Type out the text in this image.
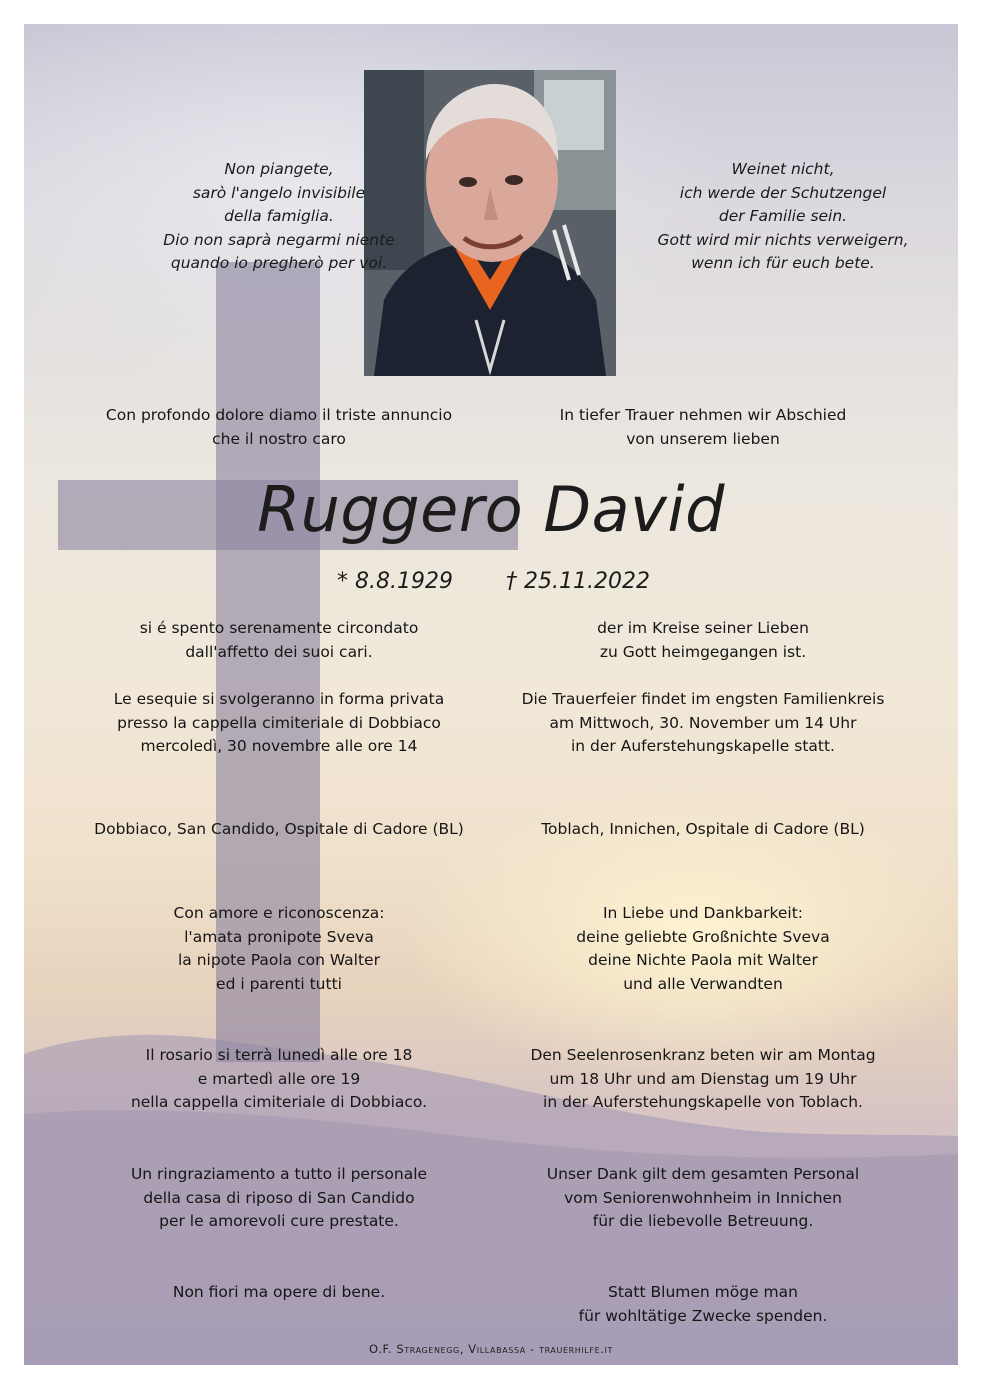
Non piangete,
sarò l'angelo invisibile
della famiglia.
Dio non saprà negarmi niente
quando io pregherò per voi.
Weinet nicht,
ich werde der Schutzengel
der Familie sein.
Gott wird mir nichts verweigern,
wenn ich für euch bete.
Con profondo dolore diamo il triste annuncio
che il nostro caro
In tiefer Trauer nehmen wir Abschied
von unserem lieben
Ruggero David
* 8.8.1929 † 25.11.2022
si é spento serenamente circondato
dall'affetto dei suoi cari.
Le esequie si svolgeranno in forma privata
presso la cappella cimiteriale di Dobbiaco
mercoledì, 30 novembre alle ore 14
Dobbiaco, San Candido, Ospitale di Cadore (BL)
Con amore e riconoscenza:
l'amata pronipote Sveva
la nipote Paola con Walter
ed i parenti tutti
Il rosario si terrà lunedì alle ore 18
e martedì alle ore 19
nella cappella cimiteriale di Dobbiaco.
Un ringraziamento a tutto il personale
della casa di riposo di San Candido
per le amorevoli cure prestate.
Non fiori ma opere di bene.
der im Kreise seiner Lieben
zu Gott heimgegangen ist.
Die Trauerfeier findet im engsten Familienkreis
am Mittwoch, 30. November um 14 Uhr
in der Auferstehungskapelle statt.
Toblach, Innichen, Ospitale di Cadore (BL)
In Liebe und Dankbarkeit:
deine geliebte Großnichte Sveva
deine Nichte Paola mit Walter
und alle Verwandten
Den Seelenrosenkranz beten wir am Montag
um 18 Uhr und am Dienstag um 19 Uhr
in der Auferstehungskapelle von Toblach.
Unser Dank gilt dem gesamten Personal
vom Seniorenwohnheim in Innichen
für die liebevolle Betreuung.
Statt Blumen möge man
für wohltätige Zwecke spenden.
O.F. Stragenegg, Villabassa - trauerhilfe.it
